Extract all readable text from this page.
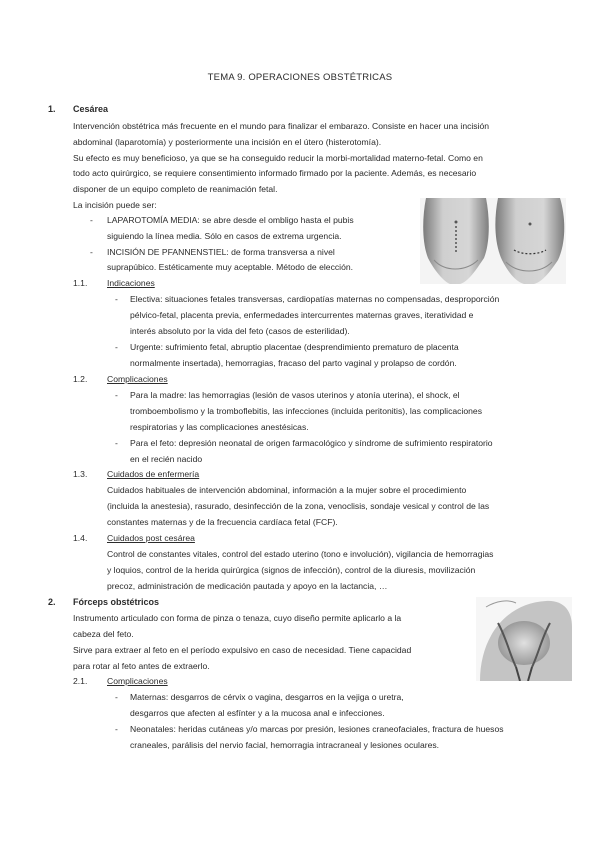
TEMA 9. OPERACIONES OBSTÉTRICAS
1. Cesárea
Intervención obstétrica más frecuente en el mundo para finalizar el embarazo. Consiste en hacer una incisión
abdominal (laparotomía) y posteriormente una incisión en el útero (histerotomía).
Su efecto es muy beneficioso, ya que se ha conseguido reducir la morbi-mortalidad materno-fetal. Como en
todo acto quirúrgico, se requiere consentimiento informado firmado por la paciente. Además, es necesario
disponer de un equipo completo de reanimación fetal.
La incisión puede ser:
- LAPAROTOMÍA MEDIA: se abre desde el ombligo hasta el pubis
siguiendo la línea media. Sólo en casos de extrema urgencia.
- INCISIÓN DE PFANNENSTIEL: de forma transversa a nivel
suprapúbico. Estéticamente muy aceptable. Método de elección.
1.1. Indicaciones
- Electiva: situaciones fetales transversas, cardiopatías maternas no compensadas, desproporción
pélvico-fetal, placenta previa, enfermedades intercurrentes maternas graves, iteratividad e
interés absoluto por la vida del feto (casos de esterilidad).
- Urgente: sufrimiento fetal, abruptio placentae (desprendimiento prematuro de placenta
normalmente insertada), hemorragias, fracaso del parto vaginal y prolapso de cordón.
1.2. Complicaciones
- Para la madre: las hemorragias (lesión de vasos uterinos y atonía uterina), el shock, el
tromboembolismo y la tromboflebitis, las infecciones (incluida peritonitis), las complicaciones
respiratorias y las complicaciones anestésicas.
- Para el feto: depresión neonatal de origen farmacológico y síndrome de sufrimiento respiratorio
en el recién nacido
1.3. Cuidados de enfermería
Cuidados habituales de intervención abdominal, información a la mujer sobre el procedimiento
(incluida la anestesia), rasurado, desinfección de la zona, venoclisis, sondaje vesical y control de las
constantes maternas y de la frecuencia cardíaca fetal (FCF).
1.4. Cuidados post cesárea
Control de constantes vitales, control del estado uterino (tono e involución), vigilancia de hemorragias
y loquios, control de la herida quirúrgica (signos de infección), control de la diuresis, movilización
precoz, administración de medicación pautada y apoyo en la lactancia, …
2. Fórceps obstétricos
Instrumento articulado con forma de pinza o tenaza, cuyo diseño permite aplicarlo a la
cabeza del feto.
Sirve para extraer al feto en el período expulsivo en caso de necesidad. Tiene capacidad
para rotar al feto antes de extraerlo.
2.1. Complicaciones
- Maternas: desgarros de cérvix o vagina, desgarros en la vejiga o uretra,
desgarros que afecten al esfínter y a la mucosa anal e infecciones.
- Neonatales: heridas cutáneas y/o marcas por presión, lesiones craneofaciales, fractura de huesos
craneales, parálisis del nervio facial, hemorragia intracraneal y lesiones oculares.
